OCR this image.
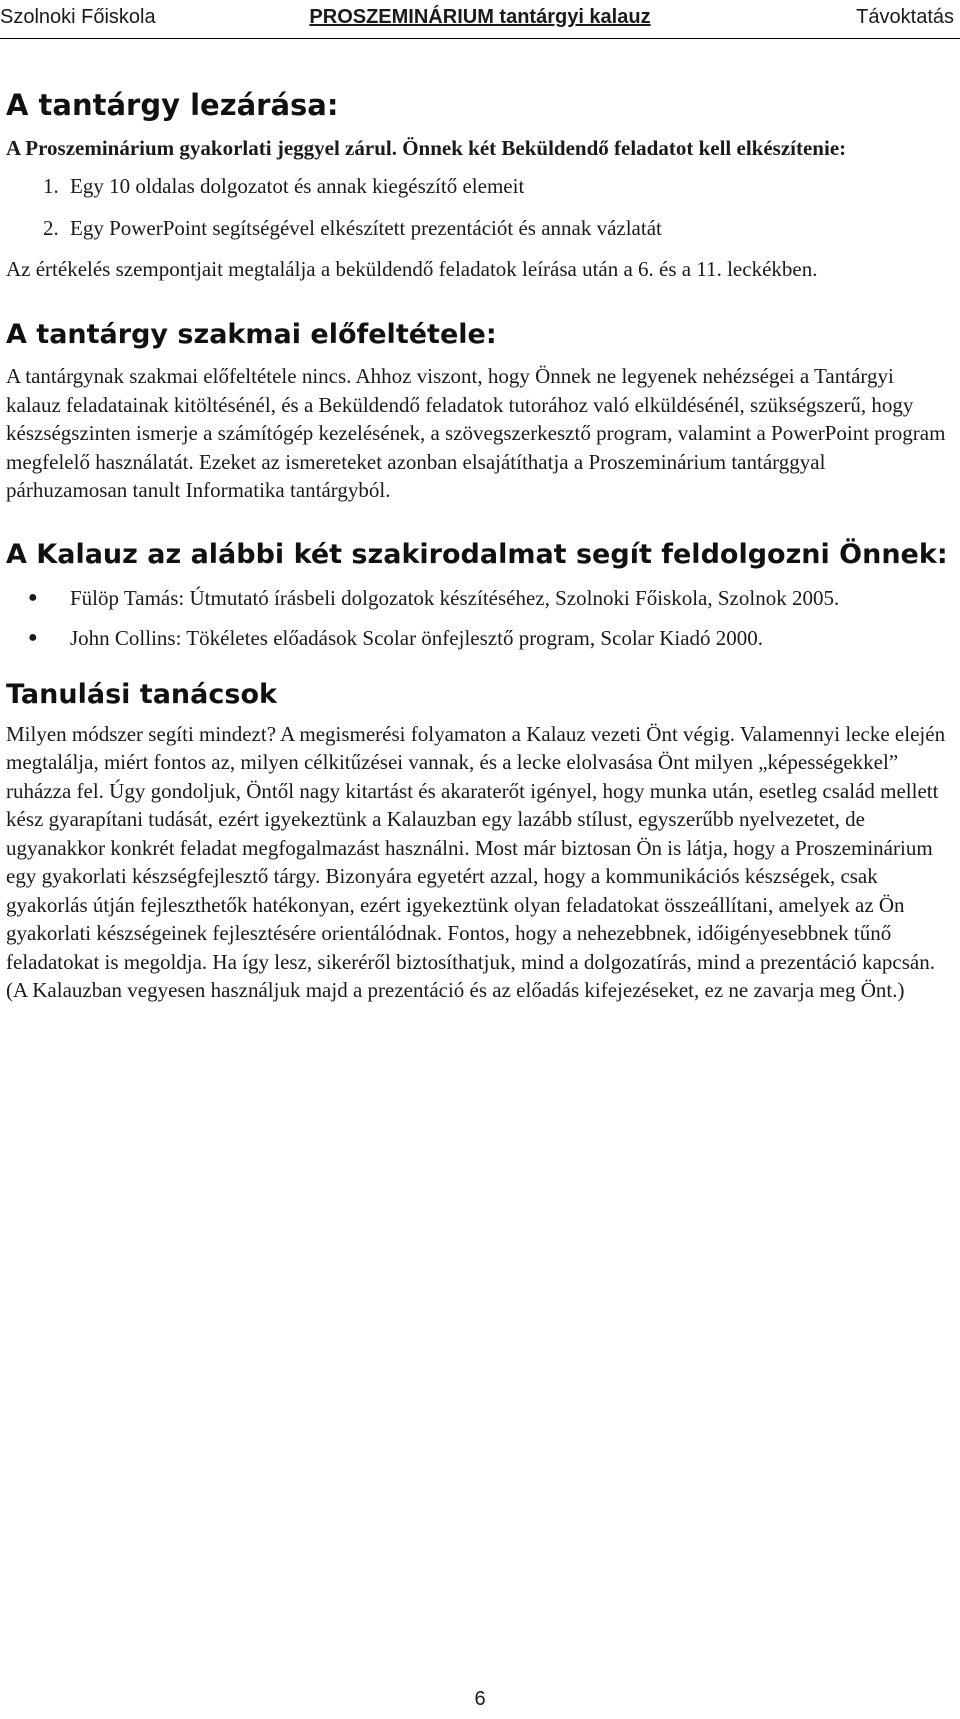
Szolnoki Főiskola	PROSZEMINÁRIUM tantárgyi kalauz	Távoktatás
A tantárgy lezárása:

A Proszeminárium gyakorlati jeggyel zárul. Önnek két Beküldendő feladatot kell elkészítenie:

1. Egy 10 oldalas dolgozatot és annak kiegészítő elemeit
2. Egy PowerPoint segítségével elkészített prezentációt és annak vázlatát

Az értékelés szempontjait megtalálja a beküldendő feladatok leírása után a 6. és a 11. leckékben.

A tantárgy szakmai előfeltétele:

A tantárgynak szakmai előfeltétele nincs. Ahhoz viszont, hogy Önnek ne legyenek nehézségei a Tantárgyi kalauz feladatainak kitöltésénél, és a Beküldendő feladatok tutorához való elküldésénél, szükségszerű, hogy készségszinten ismerje a számítógép kezelésének, a szövegszerkesztő program, valamint a PowerPoint program megfelelő használatát. Ezeket az ismereteket azonban elsajátíthatja a Proszeminárium tantárggyal párhuzamosan tanult Informatika tantárgyból.

A Kalauz az alábbi két szakirodalmat segít feldolgozni Önnek:
● Fülöp Tamás: Útmutató írásbeli dolgozatok készítéséhez, Szolnoki Főiskola, Szolnok 2005.
● John Collins: Tökéletes előadások Scolar önfejlesztő program, Scolar Kiadó 2000.
Tanulási tanácsok

Milyen módszer segíti mindezt? A megismerési folyamaton a Kalauz vezeti Önt végig. Valamennyi lecke elején megtalálja, miért fontos az, milyen célkitűzései vannak, és a lecke elolvasása Önt milyen „képességekkel” ruházza fel. Úgy gondoljuk, Öntől nagy kitartást és akaraterőt igényel, hogy munka után, esetleg család mellett kész gyarapítani tudását, ezért igyekeztünk a Kalauzban egy lazább stílust, egyszerűbb nyelvezetet, de ugyanakkor konkrét feladat megfogalmazást használni. Most már biztosan Ön is látja, hogy a Proszeminárium egy gyakorlati készségfejlesztő tárgy. Bizonyára egyetért azzal, hogy a kommunikációs készségek, csak gyakorlás útján fejleszthetők hatékonyan, ezért igyekeztünk olyan feladatokat összeállítani, amelyek az Ön gyakorlati készségeinek fejlesztésére orientálódnak. Fontos, hogy a nehezebbnek, időigényesebbnek tűnő feladatokat is megoldja. Ha így lesz, sikeréről biztosíthatjuk, mind a dolgozatírás, mind a prezentáció kapcsán. (A Kalauzban vegyesen használjuk majd a prezentáció és az előadás kifejezéseket, ez ne zavarja meg Önt.)

6
